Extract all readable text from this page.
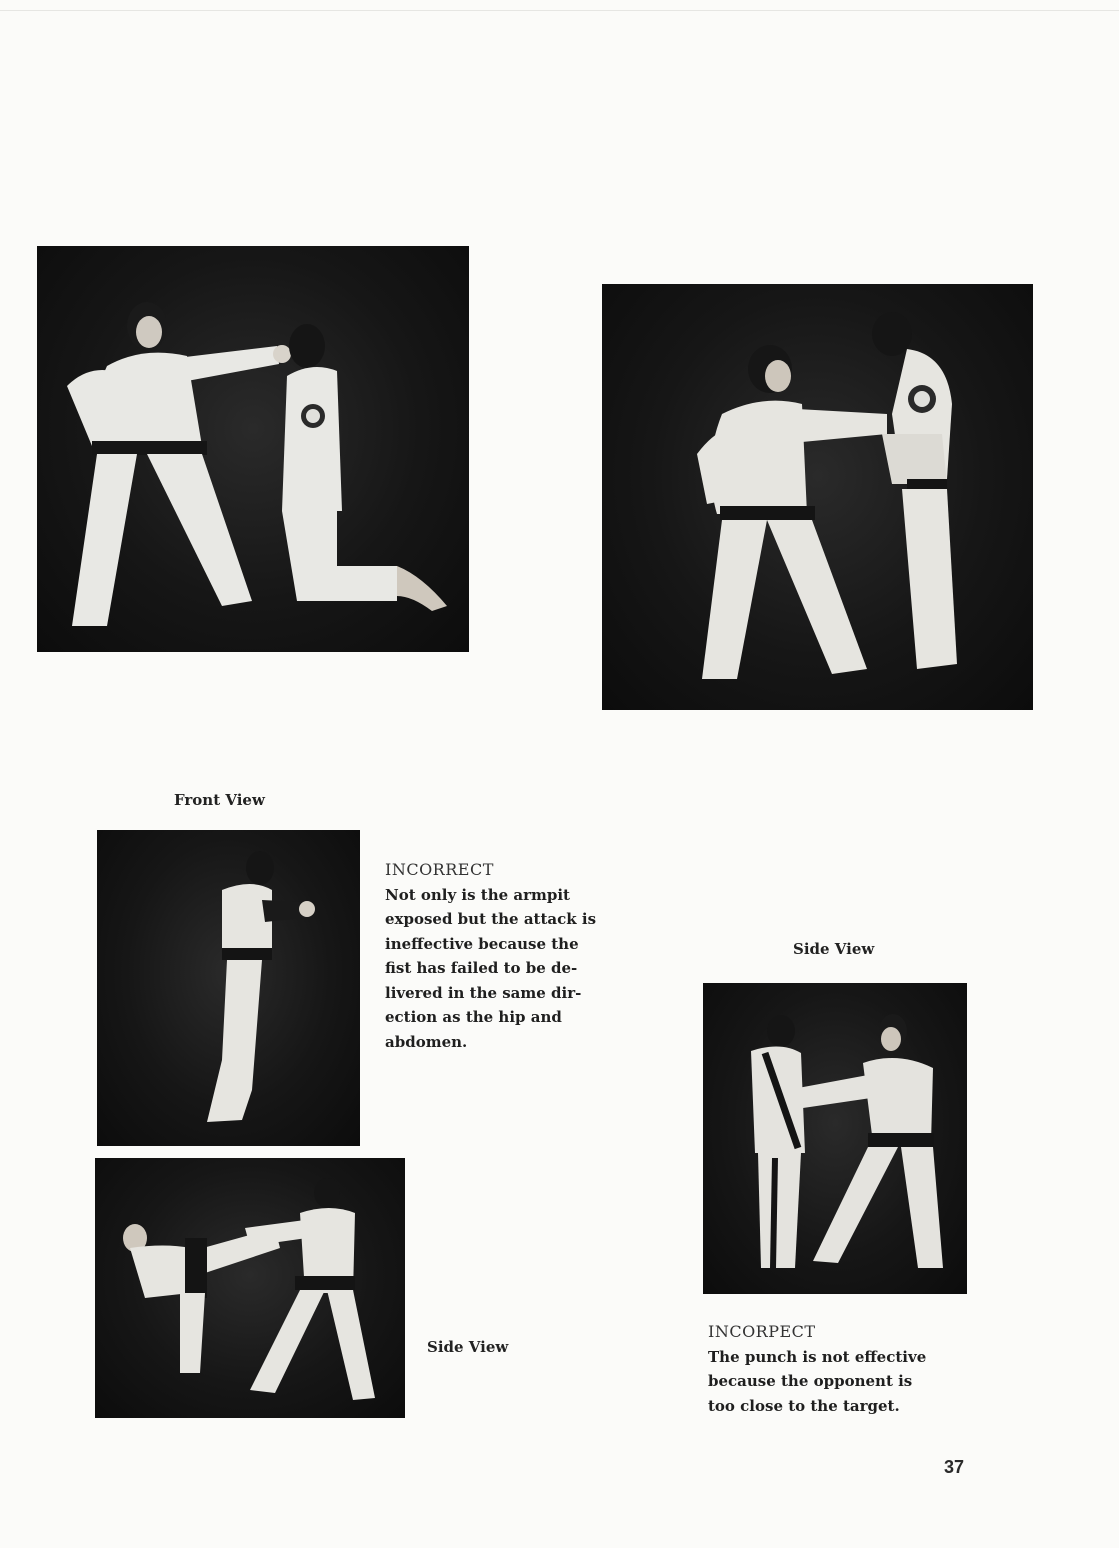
Front View
INCORRECT
Not only is the armpit
exposed but the attack is
ineffective because the
fist has failed to be de-
livered in the same dir-
ection as the hip and
abdomen.
Side View
Side View
INCORPECT
The punch is not effective
because the opponent is
too close to the target.
37
